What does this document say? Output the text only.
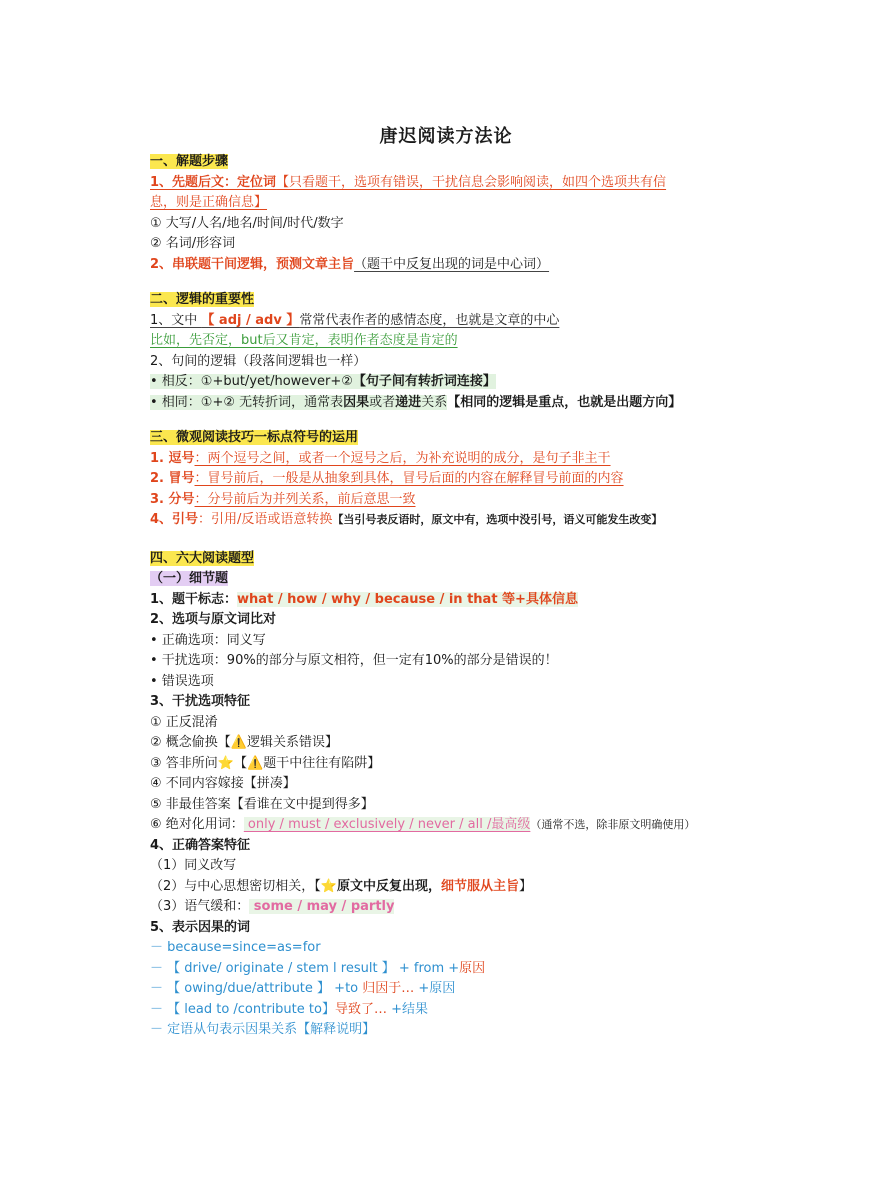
唐迟阅读方法论
一、解题步骤
1、先题后文：定位词【只看题干，选项有错误，干扰信息会影响阅读，如四个选项共有信
息，则是正确信息】
① 大写/人名/地名/时间/时代/数字
② 名词/形容词
2、串联题干间逻辑，预测文章主旨（题干中反复出现的词是中心词）
二、逻辑的重要性
1、文中 【 adj / adv 】常常代表作者的感情态度，也就是文章的中心
比如，先否定，but后又肯定，表明作者态度是肯定的
2、句间的逻辑（段落间逻辑也一样）
• 相反：①+but/yet/however+②【句子间有转折词连接】
• 相同：①+② 无转折词，通常表因果或者递进关系【相同的逻辑是重点，也就是出题方向】
三、微观阅读技巧一标点符号的运用
1. 逗号：两个逗号之间，或者一个逗号之后，为补充说明的成分，是句子非主干
2. 冒号：冒号前后，一般是从抽象到具体，冒号后面的内容在解释冒号前面的内容
3. 分号：分号前后为并列关系，前后意思一致
4、引号：引用/反语或语意转换【当引号表反语时，原文中有，选项中没引号，语义可能发生改变】
四、六大阅读题型
（一）细节题
1、题干标志：what / how / why / because / in that 等+具体信息
2、选项与原文词比对
• 正确选项：同义写
• 干扰选项：90%的部分与原文相符，但一定有10%的部分是错误的！
• 错误选项
3、干扰选项特征
① 正反混淆
② 概念偷换【⚠️逻辑关系错误】
③ 答非所问⭐【⚠️题干中往往有陷阱】
④ 不同内容嫁接【拼凑】
⑤ 非最佳答案【看谁在文中提到得多】
⑥ 绝对化用词： only / must / exclusively / never / all /最高级（通常不选，除非原文明确使用）
4、正确答案特征
（1）同义改写
（2）与中心思想密切相关，【⭐原文中反复出现，细节服从主旨】
（3）语气缓和： some / may / partly
5、表示因果的词
－ because=since=as=for
－ 【 drive/ originate / stem l result 】 + from +原因
－ 【 owing/due/attribute 】 +to 归因于… +原因
－ 【 lead to /contribute to】导致了… +结果
－ 定语从句表示因果关系【解释说明】
